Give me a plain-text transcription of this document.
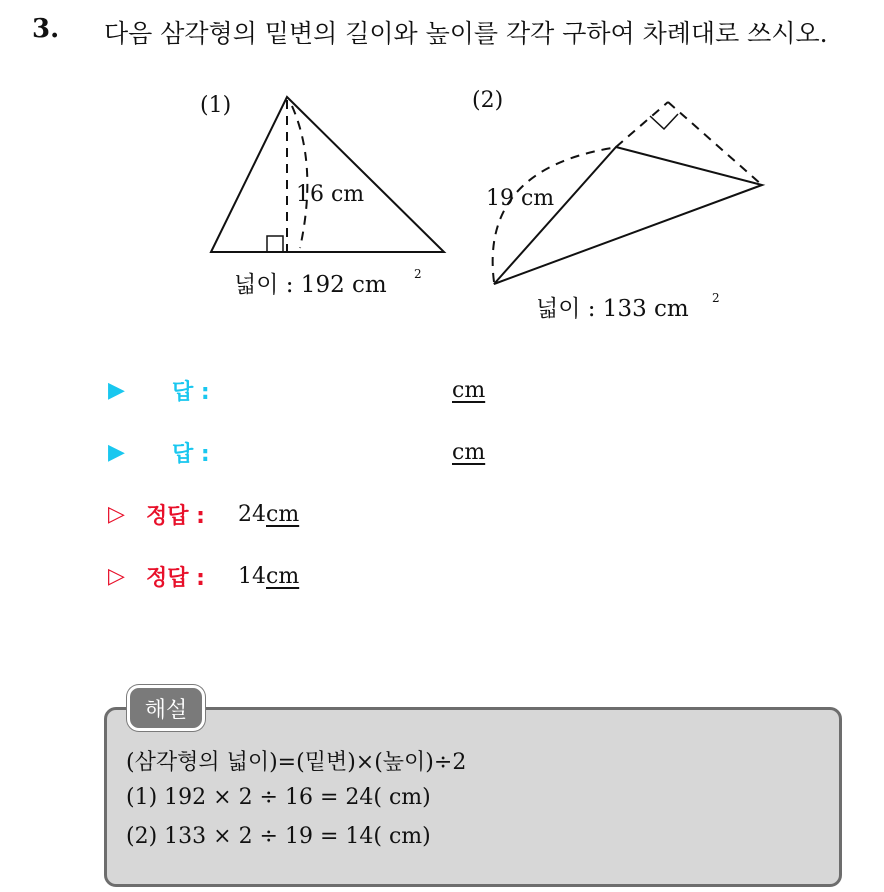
3. 다음 삼각형의 밑변의 길이와 높이를 각각 구하여 차례대로 쓰시오.
(1)
16 cm
넓이 : 192 cm 2
(2)
19 cm
넓이 : 133 cm 2
▶	답 :	cm
▶	답 :	cm
▷ 정답 :	24 cm
▷ 정답 :	14 cm
해설
(삼각형의 넓이)=(밑변)×(높이)÷2
(1) 192 × 2 ÷ 16 = 24( cm)
(2) 133 × 2 ÷ 19 = 14( cm)
